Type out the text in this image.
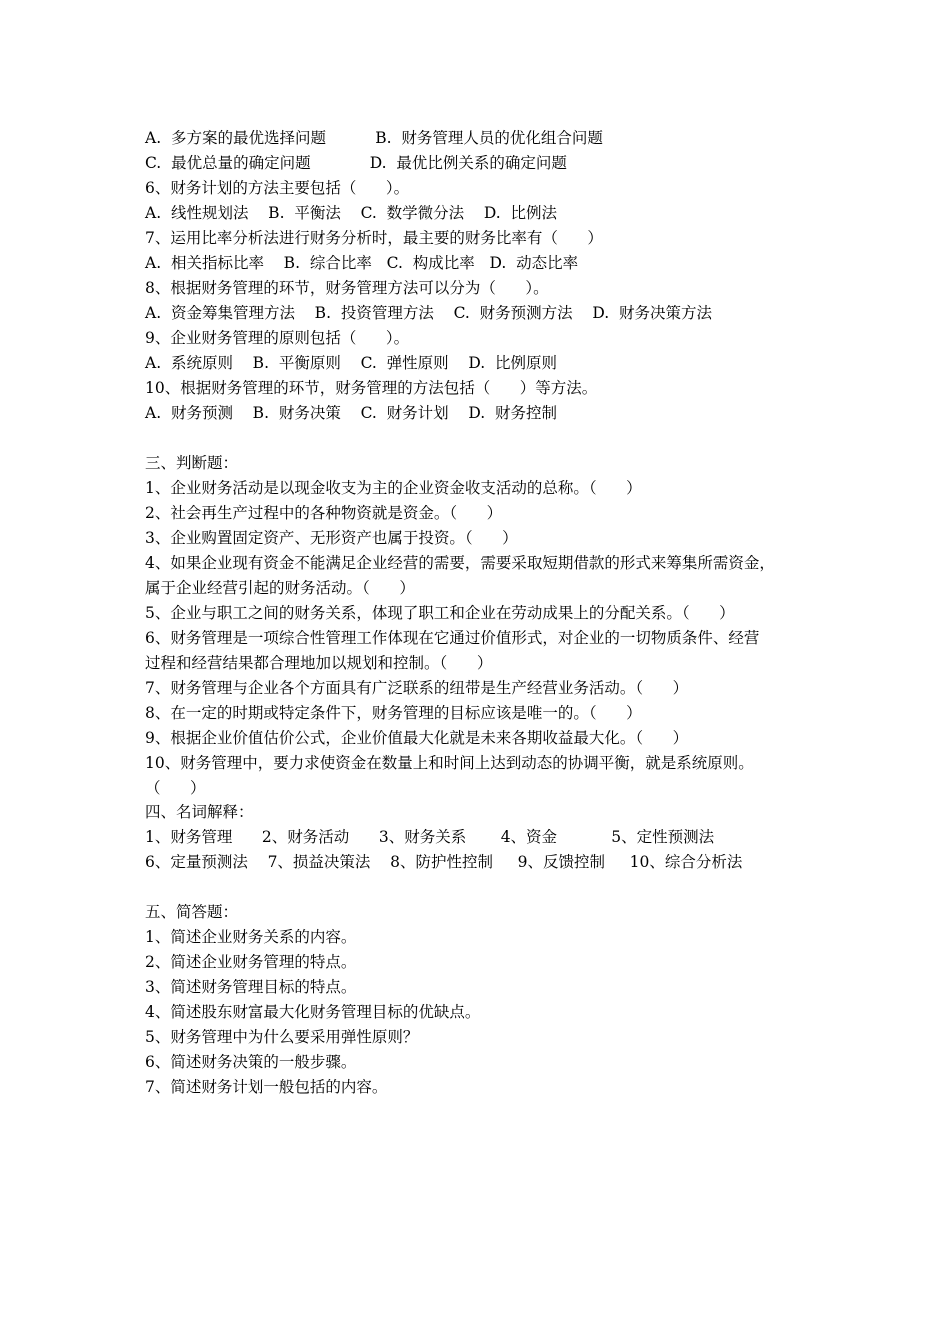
A.  多方案的最优选择问题          B.  财务管理人员的优化组合问题
C.  最优总量的确定问题            D.  最优比例关系的确定问题
6、财务计划的方法主要包括（      ）。
A.  线性规划法    B.  平衡法    C.  数学微分法    D.  比例法
7、运用比率分析法进行财务分析时，最主要的财务比率有（      ）
A.  相关指标比率    B.  综合比率   C.  构成比率   D.  动态比率
8、根据财务管理的环节，财务管理方法可以分为（      ）。
A.  资金筹集管理方法    B.  投资管理方法    C.  财务预测方法    D.  财务决策方法
9、企业财务管理的原则包括（      ）。
A.  系统原则    B.  平衡原则    C.  弹性原则    D.  比例原则
10、根据财务管理的环节，财务管理的方法包括（      ）等方法。
A.  财务预测    B.  财务决策    C.  财务计划    D.  财务控制
三、判断题：
1、企业财务活动是以现金收支为主的企业资金收支活动的总称。（      ）
2、社会再生产过程中的各种物资就是资金。（      ）
3、企业购置固定资产、无形资产也属于投资。（      ）
4、如果企业现有资金不能满足企业经营的需要，需要采取短期借款的形式来筹集所需资金，
属于企业经营引起的财务活动。（      ）
5、企业与职工之间的财务关系，体现了职工和企业在劳动成果上的分配关系。（      ）
6、财务管理是一项综合性管理工作体现在它通过价值形式，对企业的一切物质条件、经营
过程和经营结果都合理地加以规划和控制。（      ）
7、财务管理与企业各个方面具有广泛联系的纽带是生产经营业务活动。（      ）
8、在一定的时期或特定条件下，财务管理的目标应该是唯一的。（      ）
9、根据企业价值估价公式，企业价值最大化就是未来各期收益最大化。（      ）
10、财务管理中，要力求使资金在数量上和时间上达到动态的协调平衡，就是系统原则。
（      ）
四、名词解释：
1、财务管理      2、财务活动      3、财务关系       4、资金           5、定性预测法
6、定量预测法    7、损益决策法    8、防护性控制     9、反馈控制     10、综合分析法
五、简答题：
1、简述企业财务关系的内容。
2、简述企业财务管理的特点。
3、简述财务管理目标的特点。
4、简述股东财富最大化财务管理目标的优缺点。
5、财务管理中为什么要采用弹性原则？
6、简述财务决策的一般步骤。
7、简述财务计划一般包括的内容。
